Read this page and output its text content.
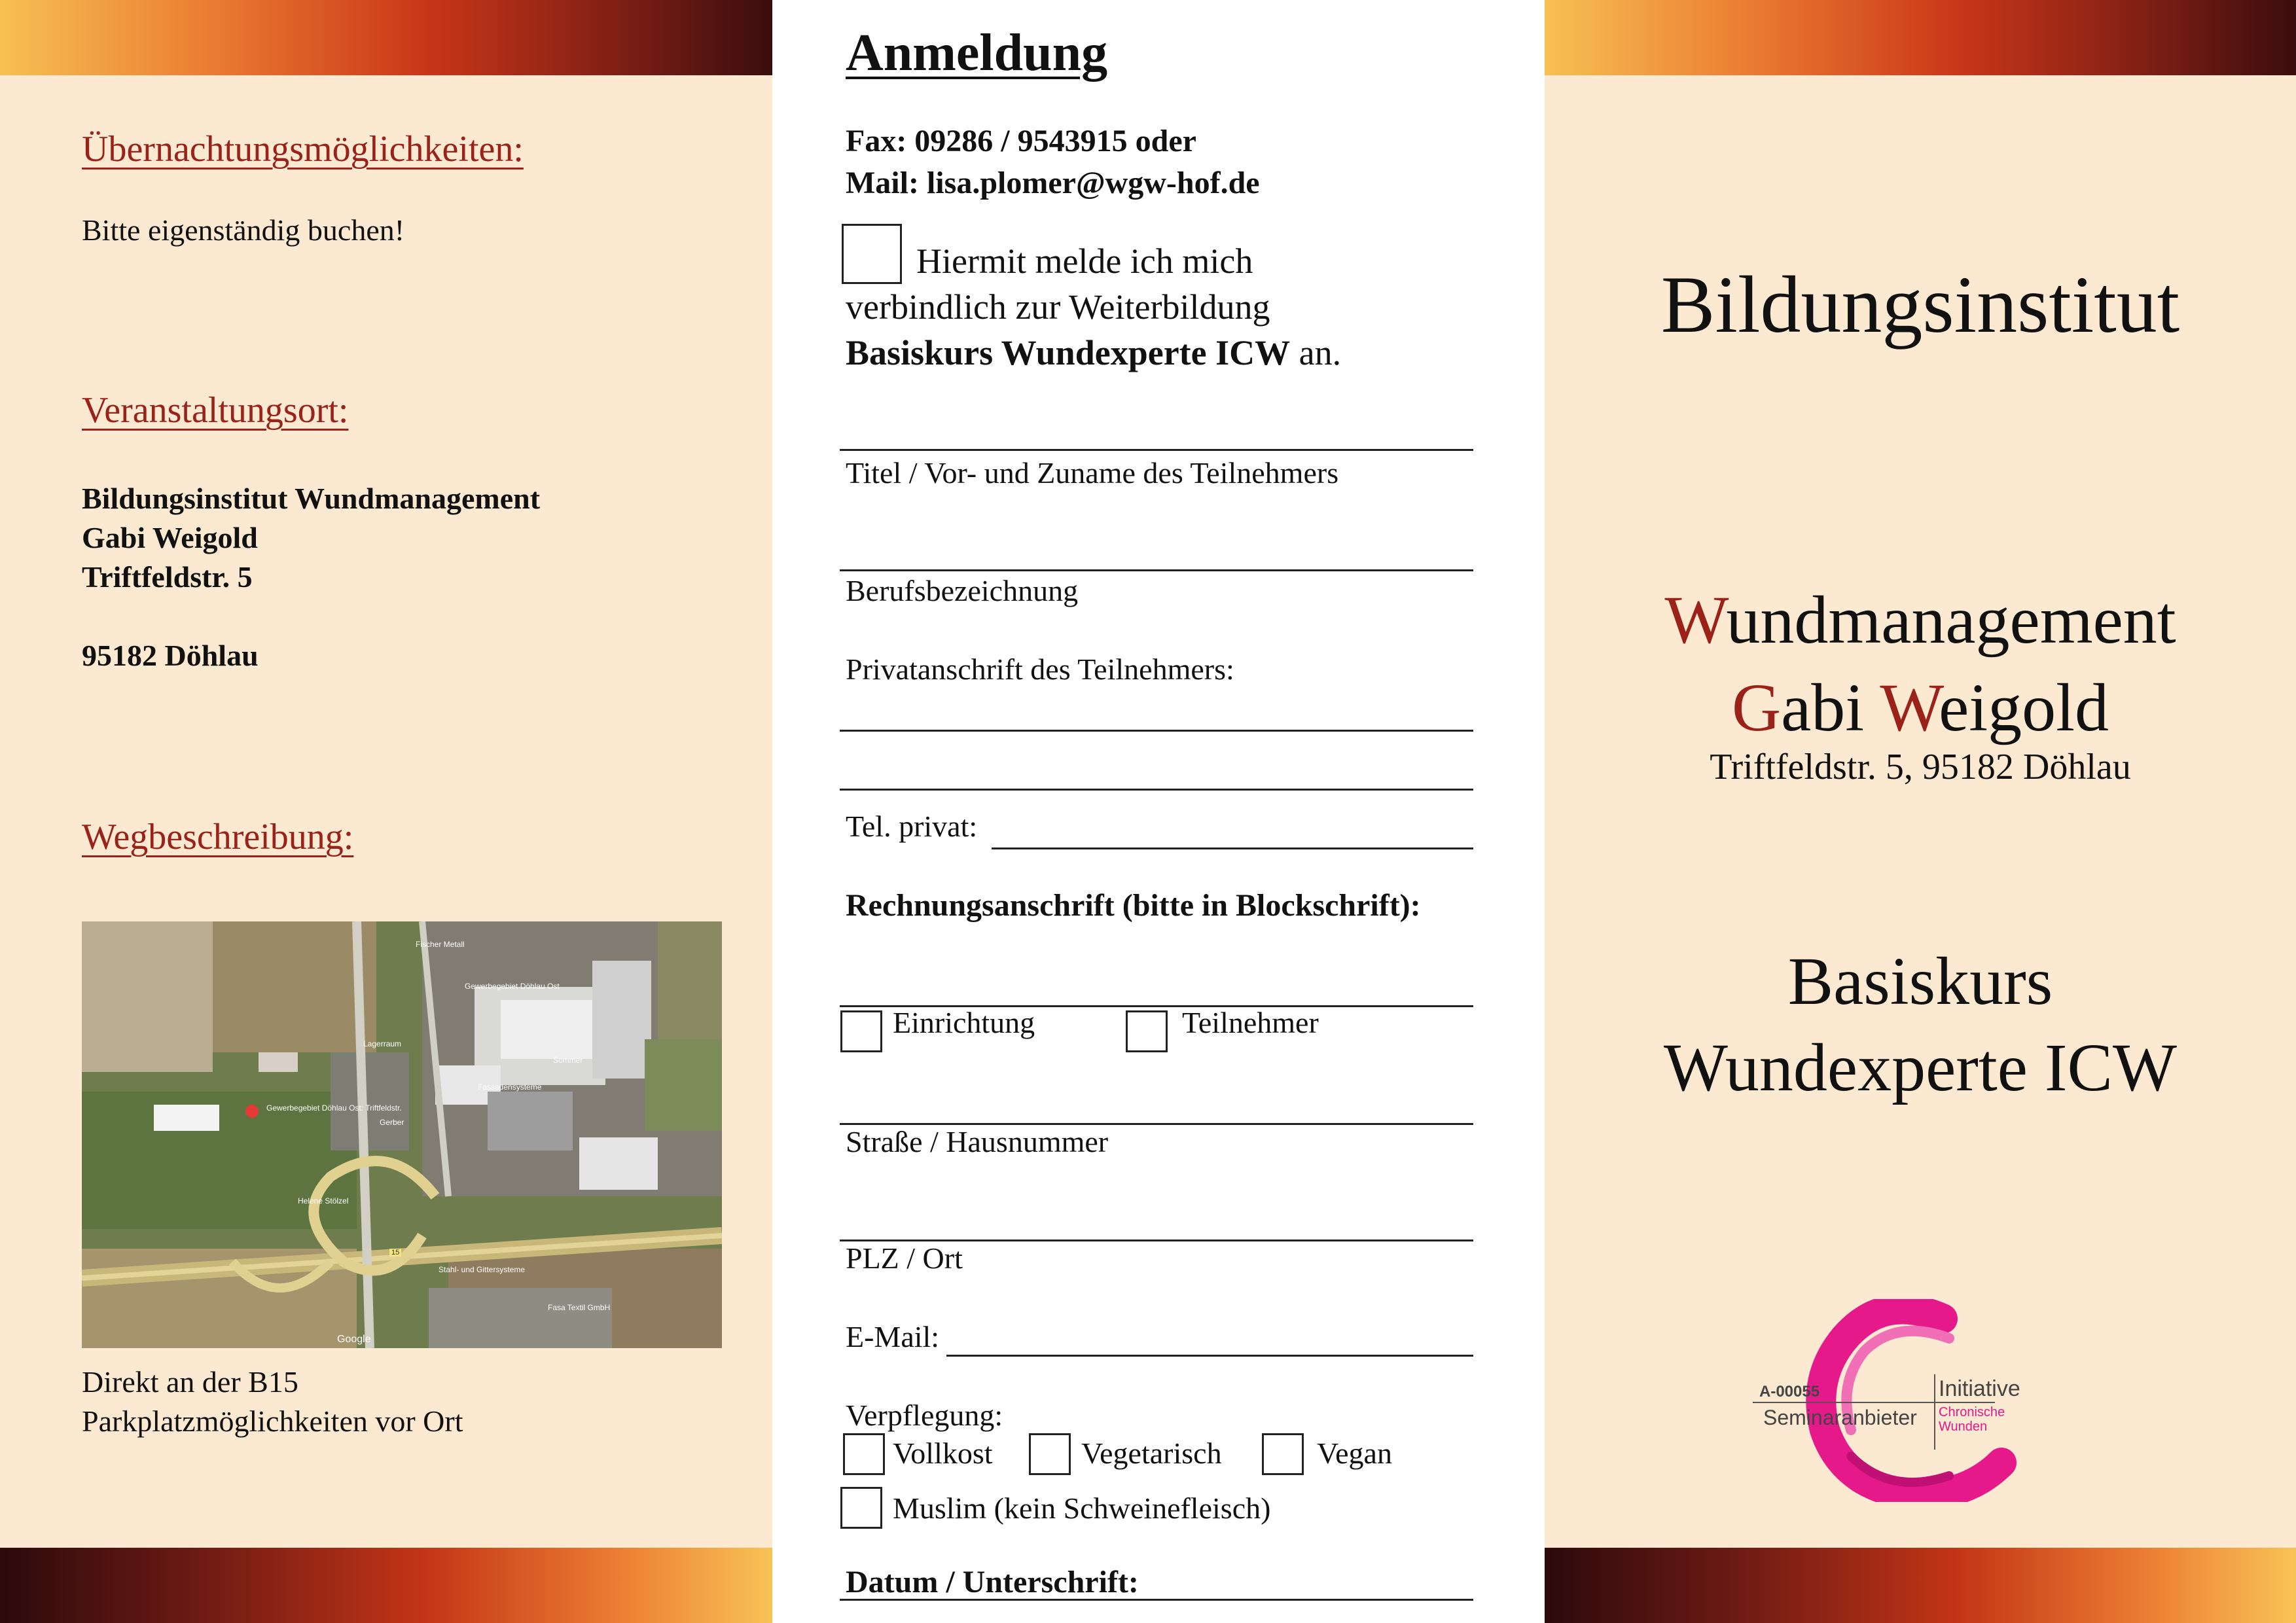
Übernachtungsmöglichkeiten:
Bitte eigenständig buchen!
Veranstaltungsort:
Bildungsinstitut Wundmanagement
Gabi Weigold
Triftfeldstr. 5
95182 Döhlau
Wegbeschreibung:
Gewerbegebiet Döhlau Ost: Triftfeldstr.
Gewerbegebiet Döhlau Ost
Fischer Metall
Fassadensysteme
Helene Stölzel
Gerber
Lagerraum
Sommer
Stahl- und Gittersysteme
Fasa Textil GmbH
Google
15
Direkt an der B15
Parkplatzmöglichkeiten vor Ort
Anmeldung
Fax: 09286 / 9543915 oder
Mail: lisa.plomer@wgw-hof.de
Hiermit melde ich mich
verbindlich zur Weiterbildung
Basiskurs Wundexperte ICW an.
Titel / Vor- und Zuname des Teilnehmers
Berufsbezeichnung
Privatanschrift des Teilnehmers:
Tel. privat:
Rechnungsanschrift (bitte in Blockschrift):
Einrichtung	Teilnehmer
Straße / Hausnummer
PLZ / Ort
E-Mail:
Verpflegung:
Vollkost	Vegetarisch	Vegan
Muslim (kein Schweinefleisch)
Datum / Unterschrift:
Bildungsinstitut
Wundmanagement
Gabi Weigold
Triftfeldstr. 5, 95182 Döhlau
Basiskurs
Wundexperte ICW
A-00055
Seminaranbieter
Initiative
Chronische
Wunden
